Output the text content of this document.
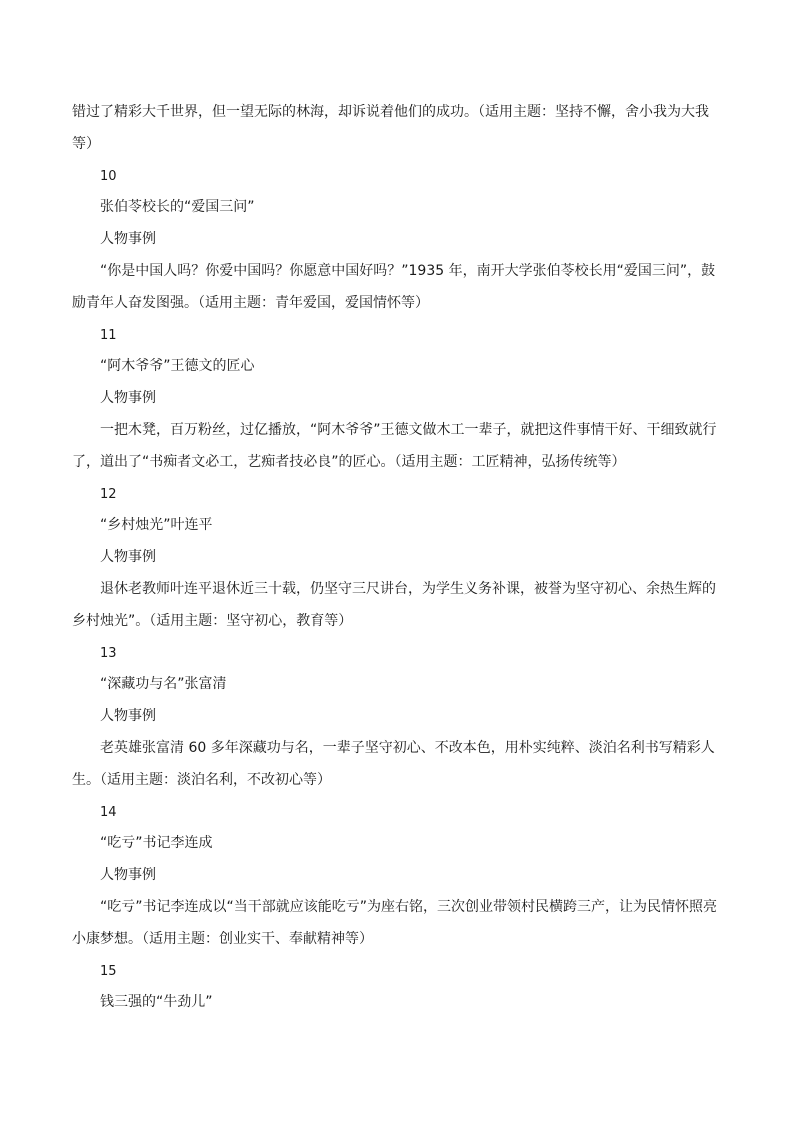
错过了精彩大千世界，但一望无际的林海，却诉说着他们的成功。（适用主题：坚持不懈，舍小我为大我等）

10

张伯苓校长的“爱国三问”

人物事例

“你是中国人吗？你爱中国吗？你愿意中国好吗？”1935 年，南开大学张伯苓校长用“爱国三问”，鼓励青年人奋发图强。（适用主题：青年爱国，爱国情怀等）

11

“阿木爷爷”王德文的匠心

人物事例

一把木凳，百万粉丝，过亿播放，“阿木爷爷”王德文做木工一辈子，就把这件事情干好、干细致就行了，道出了“书痴者文必工，艺痴者技必良”的匠心。（适用主题：工匠精神，弘扬传统等）

12

“乡村烛光”叶连平

人物事例

退休老教师叶连平退休近三十载，仍坚守三尺讲台，为学生义务补课，被誉为坚守初心、余热生辉的乡村烛光”。（适用主题：坚守初心，教育等）

13

“深藏功与名”张富清

人物事例

老英雄张富清 60 多年深藏功与名，一辈子坚守初心、不改本色，用朴实纯粹、淡泊名利书写精彩人生。（适用主题：淡泊名利，不改初心等）

14

“吃亏”书记李连成

人物事例

“吃亏”书记李连成以“当干部就应该能吃亏”为座右铭，三次创业带领村民横跨三产，让为民情怀照亮小康梦想。（适用主题：创业实干、奉献精神等）

15

钱三强的“牛劲儿”
